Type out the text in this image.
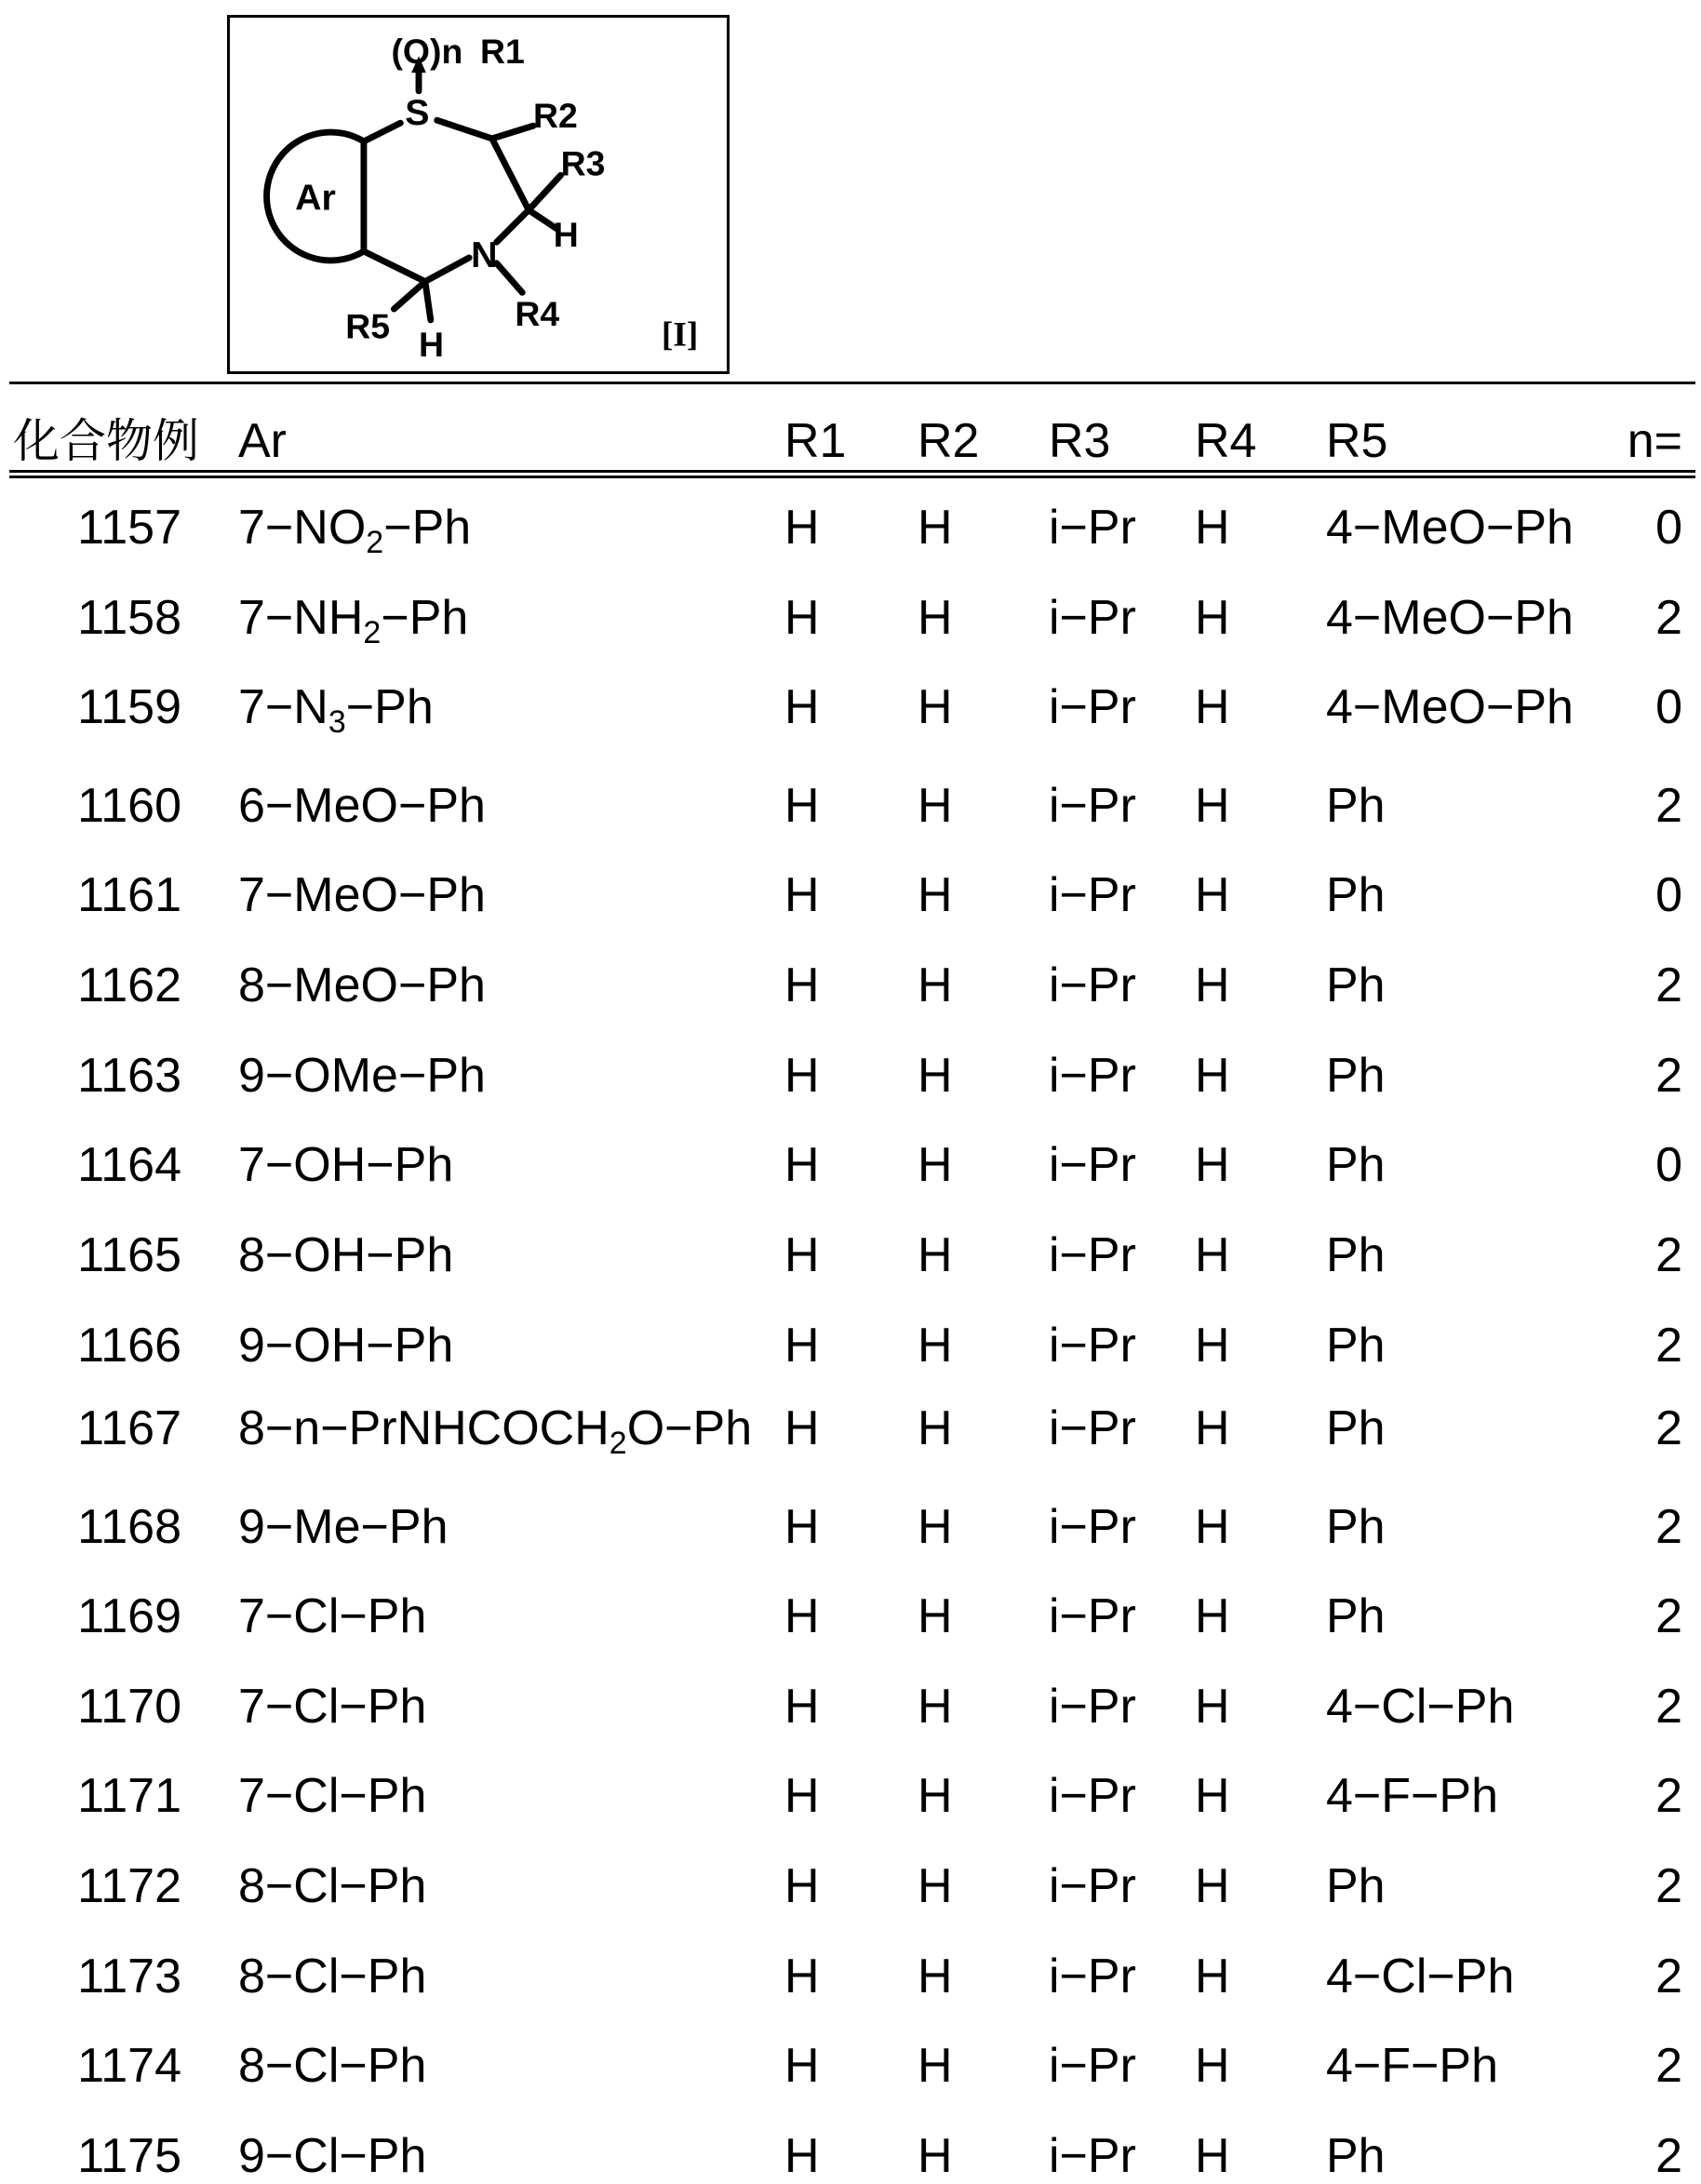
Ar
(O)n
S
R1
R2
R3
H
N
R4
R5 H	[I]
化合物例 Ar	R1 R2 R3 R4 R5	n=
1157 7−NO2−Ph	H H i−Pr H 4−MeO−Ph	0
1158 7−NH2−Ph	H H i−Pr H 4−MeO−Ph	2
1159 7−N3−Ph	H H i−Pr H 4−MeO−Ph	0
1160 6−MeO−Ph	H H i−Pr H Ph	2
1161 7−MeO−Ph	H H i−Pr H Ph	0
1162 8−MeO−Ph	H H i−Pr H Ph	2
1163 9−OMe−Ph	H H i−Pr H Ph	2
1164 7−OH−Ph	H H i−Pr H Ph	0
1165 8−OH−Ph	H H i−Pr H Ph	2
1166 9−OH−Ph	H H i−Pr H Ph	2
1167 8−n−PrNHCOCH2O−Ph H H i−Pr H Ph	2
1168 9−Me−Ph	H H i−Pr H Ph	2
1169 7−Cl−Ph	H H i−Pr H Ph	2
1170 7−Cl−Ph	H H i−Pr H 4−Cl−Ph	2
1171 7−Cl−Ph	H H i−Pr H 4−F−Ph	2
1172 8−Cl−Ph	H H i−Pr H Ph	2
1173 8−Cl−Ph	H H i−Pr H 4−Cl−Ph	2
1174 8−Cl−Ph	H H i−Pr H 4−F−Ph	2
1175 9−Cl−Ph	H H i−Pr H Ph	2
